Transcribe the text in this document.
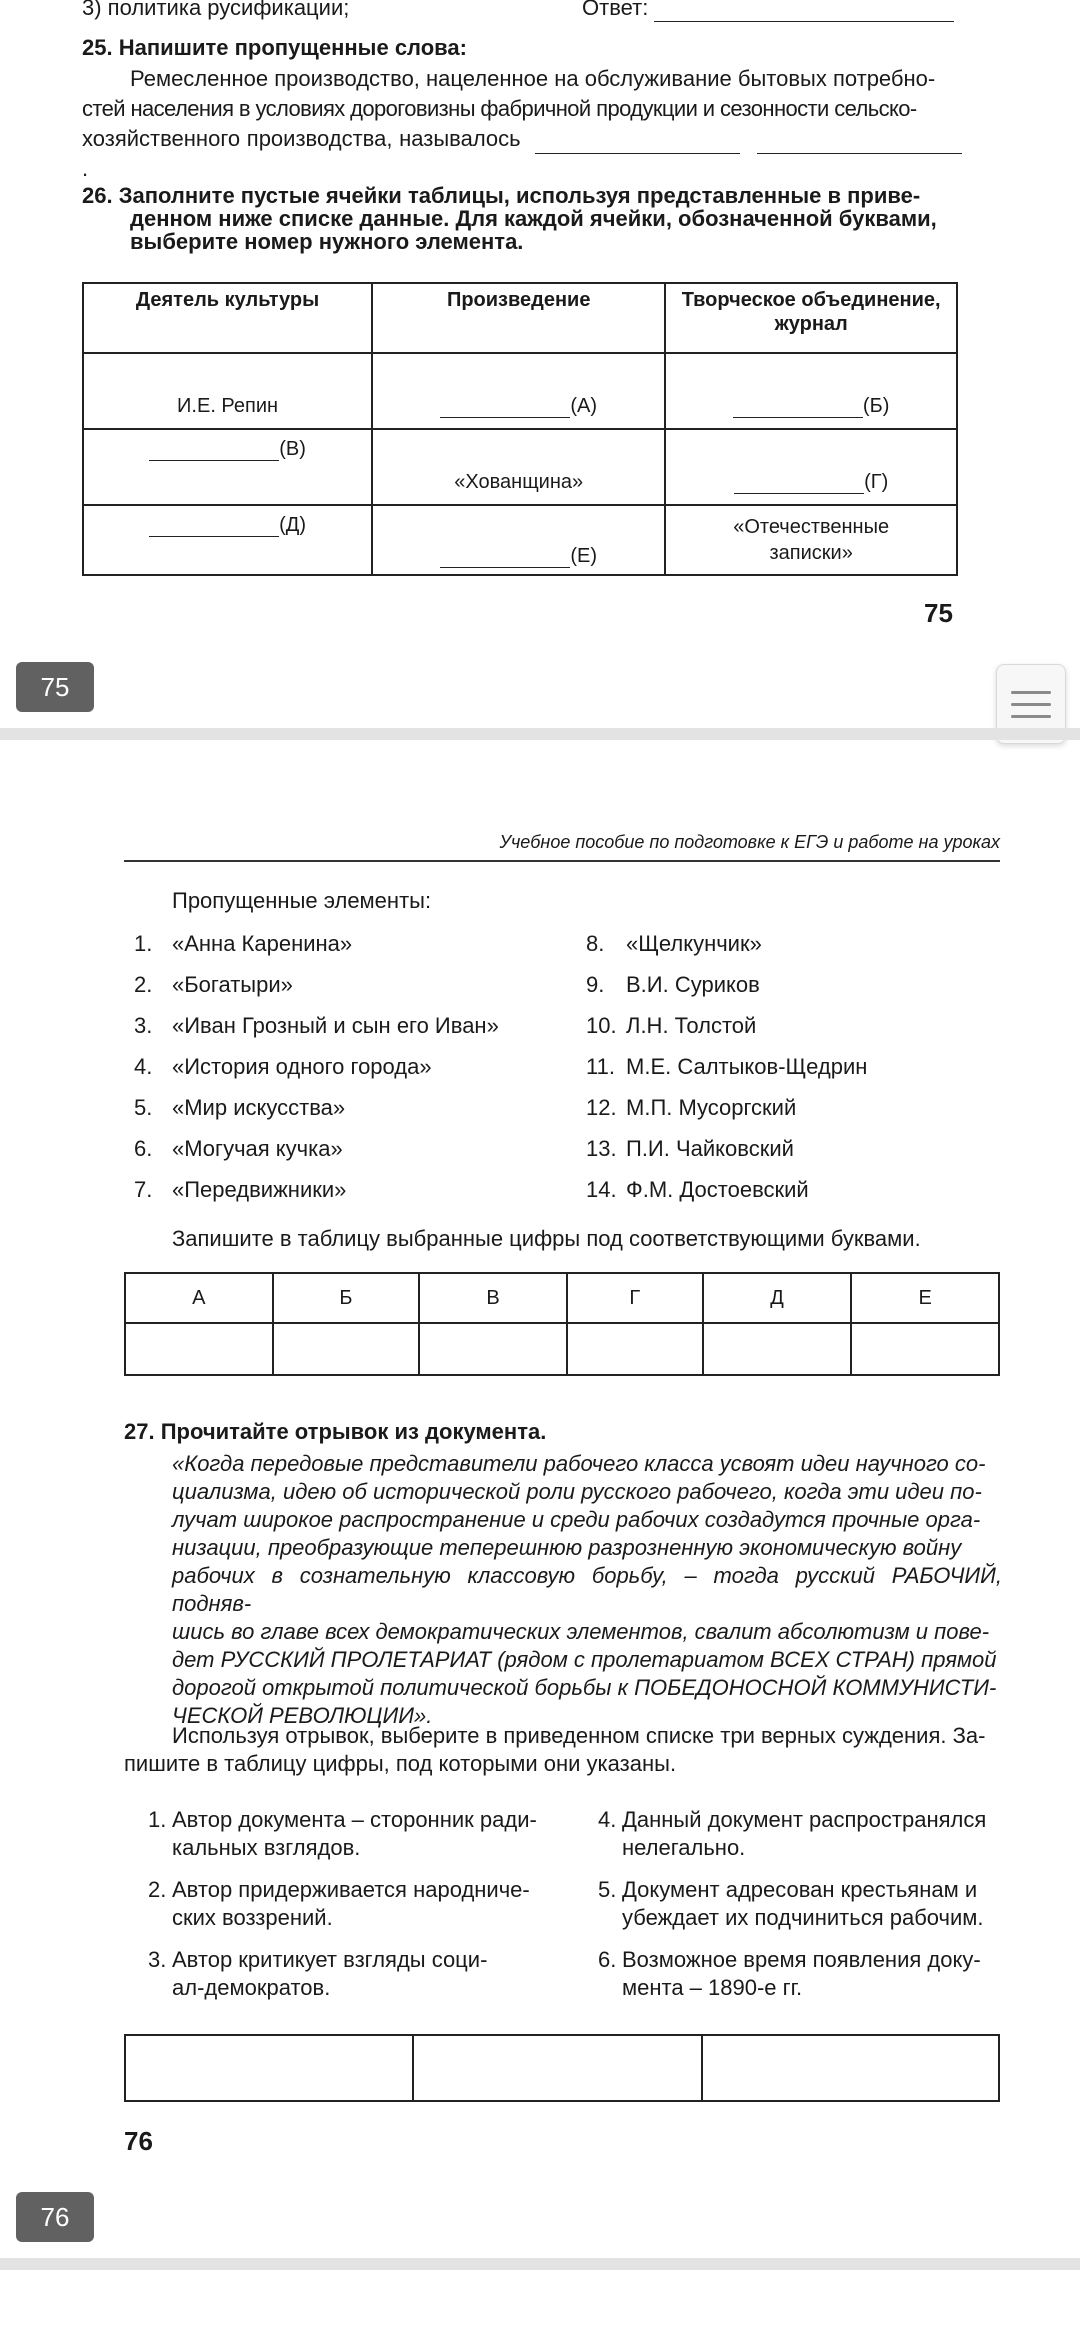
3) политика русификации;	Ответ:
25. Напишите пропущенные слова:
Ремесленное производство, нацеленное на обслуживание бытовых потребно-
стей населения в условиях дороговизны фабричной продукции и сезонности сельско-
хозяйственного производства, называлось  .
26. Заполните пустые ячейки таблицы, используя представленные в приве-
денном ниже списке данные. Для каждой ячейки, обозначенной буквами,
выберите номер нужного элемента.
Деятель культуры	Произведение	Творческое объединение, журнал
И.Е. Репин	(А)	(Б)
(В)	«Хованщина»	(Г)
(Д)	(Е)	«Отечественные записки»
75
75
Учебное пособие по подготовке к ЕГЭ и работе на уроках
Пропущенные элементы:
1. «Анна Каренина»
2. «Богатыри»
3. «Иван Грозный и сын его Иван»
4. «История одного города»
5. «Мир искусства»
6. «Могучая кучка»
7. «Передвижники»
8. «Щелкунчик»
9. В.И. Суриков
10. Л.Н. Толстой
11. М.Е. Салтыков-Щедрин
12. М.П. Мусоргский
13. П.И. Чайковский
14. Ф.М. Достоевский
Запишите в таблицу выбранные цифры под соответствующими буквами.
А	Б	В	Г	Д	Е

27. Прочитайте отрывок из документа.
«Когда передовые представители рабочего класса усвоят идеи научного со-
циализма, идею об исторической роли русского рабочего, когда эти идеи по-
лучат широкое распространение и среди рабочих создадутся прочные орга-
низации, преобразующие теперешнюю разрозненную экономическую войну
рабочих в сознательную классовую борьбу, – тогда русский РАБОЧИЙ, подняв-
шись во главе всех демократических элементов, свалит абсолютизм и пове-
дет РУССКИЙ ПРОЛЕТАРИАТ (рядом с пролетариатом ВСЕХ СТРАН) прямой
дорогой открытой политической борьбы к ПОБЕДОНОСНОЙ КОММУНИСТИ-
ЧЕСКОЙ РЕВОЛЮЦИИ».
Используя отрывок, выберите в приведенном списке три верных суждения. За-
пишите в таблицу цифры, под которыми они указаны.
1. Автор документа – сторонник ради-
кальных взглядов.
2. Автор придерживается народниче-
ских воззрений.
3. Автор критикует взгляды соци-
ал-демократов.
4. Данный документ распространялся
нелегально.
5. Документ адресован крестьянам и
убеждает их подчиниться рабочим.
6. Возможное время появления доку-
мента – 1890-е гг.

76
76
